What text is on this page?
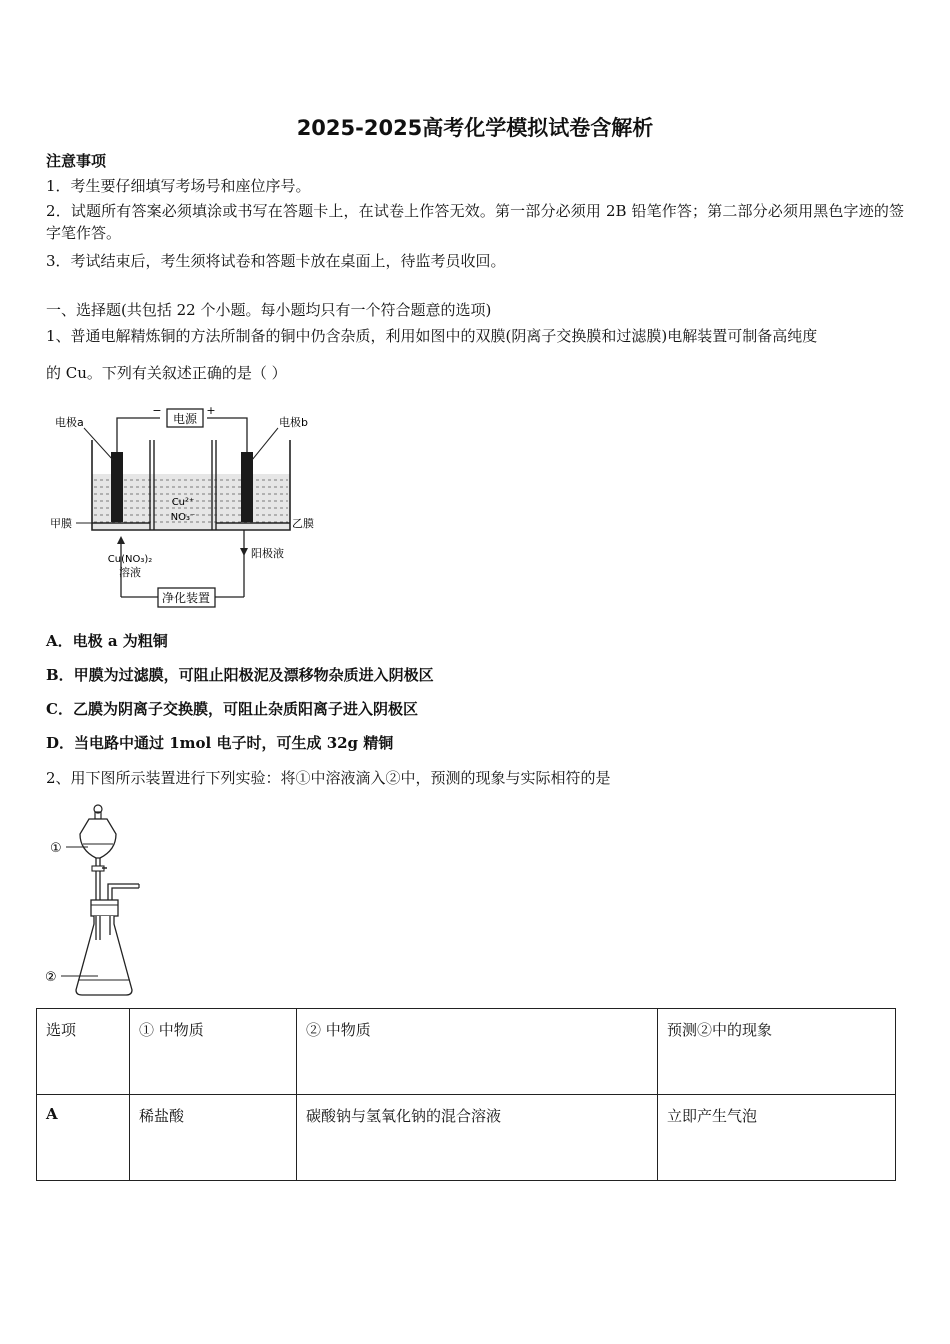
2025-2025高考化学模拟试卷含解析
注意事项
1．考生要仔细填写考场号和座位序号。
2．试题所有答案必须填涂或书写在答题卡上，在试卷上作答无效。第一部分必须用 2B 铅笔作答；第二部分必须用黑色字迹的签字笔作答。
3．考试结束后，考生须将试卷和答题卡放在桌面上，待监考员收回。
一、选择题(共包括 22 个小题。每小题均只有一个符合题意的选项)
1、普通电解精炼铜的方法所制备的铜中仍含杂质，利用如图中的双膜(阴离子交换膜和过滤膜)电解装置可制备高纯度
的 Cu。下列有关叙述正确的是（ ）
电源
−	+
电极a	电极b
Cu²⁺
NO₃⁻
甲膜	乙膜
Cu(NO₃)₂
溶液
阳极液
净化装置
A．电极 a 为粗铜
B．甲膜为过滤膜，可阻止阳极泥及漂移物杂质进入阴极区
C．乙膜为阴离子交换膜，可阻止杂质阳离子进入阴极区
D．当电路中通过 1mol 电子时，可生成 32g 精铜
2、用下图所示装置进行下列实验：将①中溶液滴入②中，预测的现象与实际相符的是
①
②
选项	① 中物质	② 中物质	预测②中的现象
A	稀盐酸	碳酸钠与氢氧化钠的混合溶液	立即产生气泡
